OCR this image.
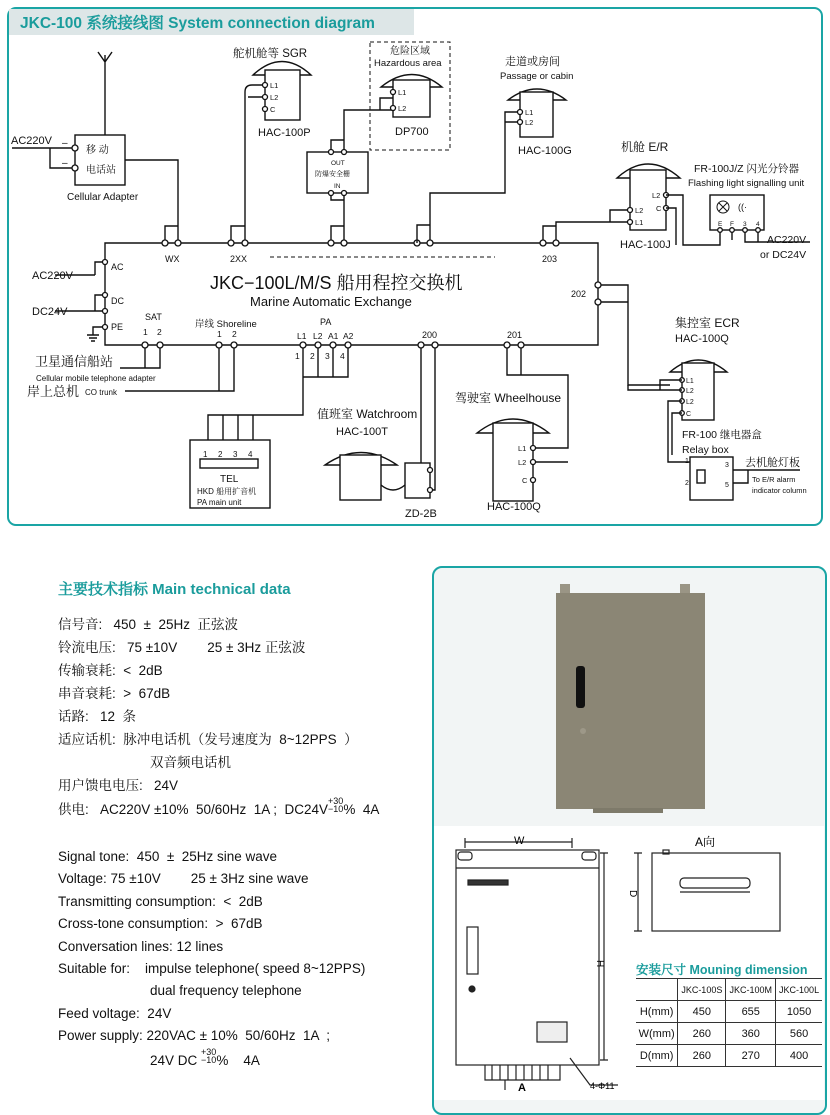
JKC-100 系统接线图 System connection diagram
AC220V –
–
移 动
电话站
Cellular Adapter
JKC−100L/M/S 船用程控交换机
Marine Automatic Exchange
WX	2XX	203
L1
L2
C
舵机舱等 SGR
HAC-100P
危险区域
Hazardous area
L1
L2
DP700
OUT
防爆安全栅
IN
走道或房间
Passage or cabin
L1
L2
HAC-100G	机舱 E/R
L2
L1
L2
C
HAC-100J
FR-100J/Z 闪光分铃器
Flashing light signalling unit
((·
E F 3 4
AC220V
or DC24V
AC
DC
PE
AC220V
DC24V	SAT
1 2
岸线 Shoreline
1 2
PA
L1 L2 A1 A2
1 2 3 4
200	201
202
卫星通信船站
Cellular mobile telephone adapter
岸上总机 CO trunk
1 2 3 4
TEL
HKD 船用扩音机
PA main unit
值班室 Watchroom
HAC-100T
ZD-2B
驾驶室 Wheelhouse
L1
L2
C
HAC-100Q
集控室 ECR
HAC-100Q
L1
L2
L2
C
FR-100 继电器盒
Relay box
1
2
3
5
去机舱灯板
To E/R alarm
indicator column
主要技术指标 Main technical data
信号音:   450  ±  25Hz  正弦波
铃流电压:   75 ±10V        25 ± 3Hz 正弦波
传输衰耗:  <  2dB
串音衰耗:  >  67dB
话路:   12  条
适应话机:  脉冲电话机（发号速度为  8~12PPS  ）
双音频电话机
用户馈电电压:   24V
供电:   AC220V ±10%  50/60Hz  1A ;  $DC24V^{+30 -10}\%$  4A
Signal tone:  450  ±  25Hz sine wave
Voltage: 75 ±10V        25 ± 3Hz sine wave
Transmitting consumption:  <  2dB
Cross-tone consumption:  >  67dB
Conversation lines: 12 lines
Suitable for:    impulse telephone( speed 8~12PPS)
dual frequency telephone
Feed voltage:  24V
Power supply: 220VAC ± 10%  50/60Hz  1A  ;
24V DC $^{+30 -10}$%    4A
W
H
D
A向
A	4-Φ11
安装尺寸 Mouning dimension
	JKC-100S	JKC-100M	JKC-100L
H(mm)	450	655	1050
W(mm)	260	360	560
D(mm)	260	270	400
